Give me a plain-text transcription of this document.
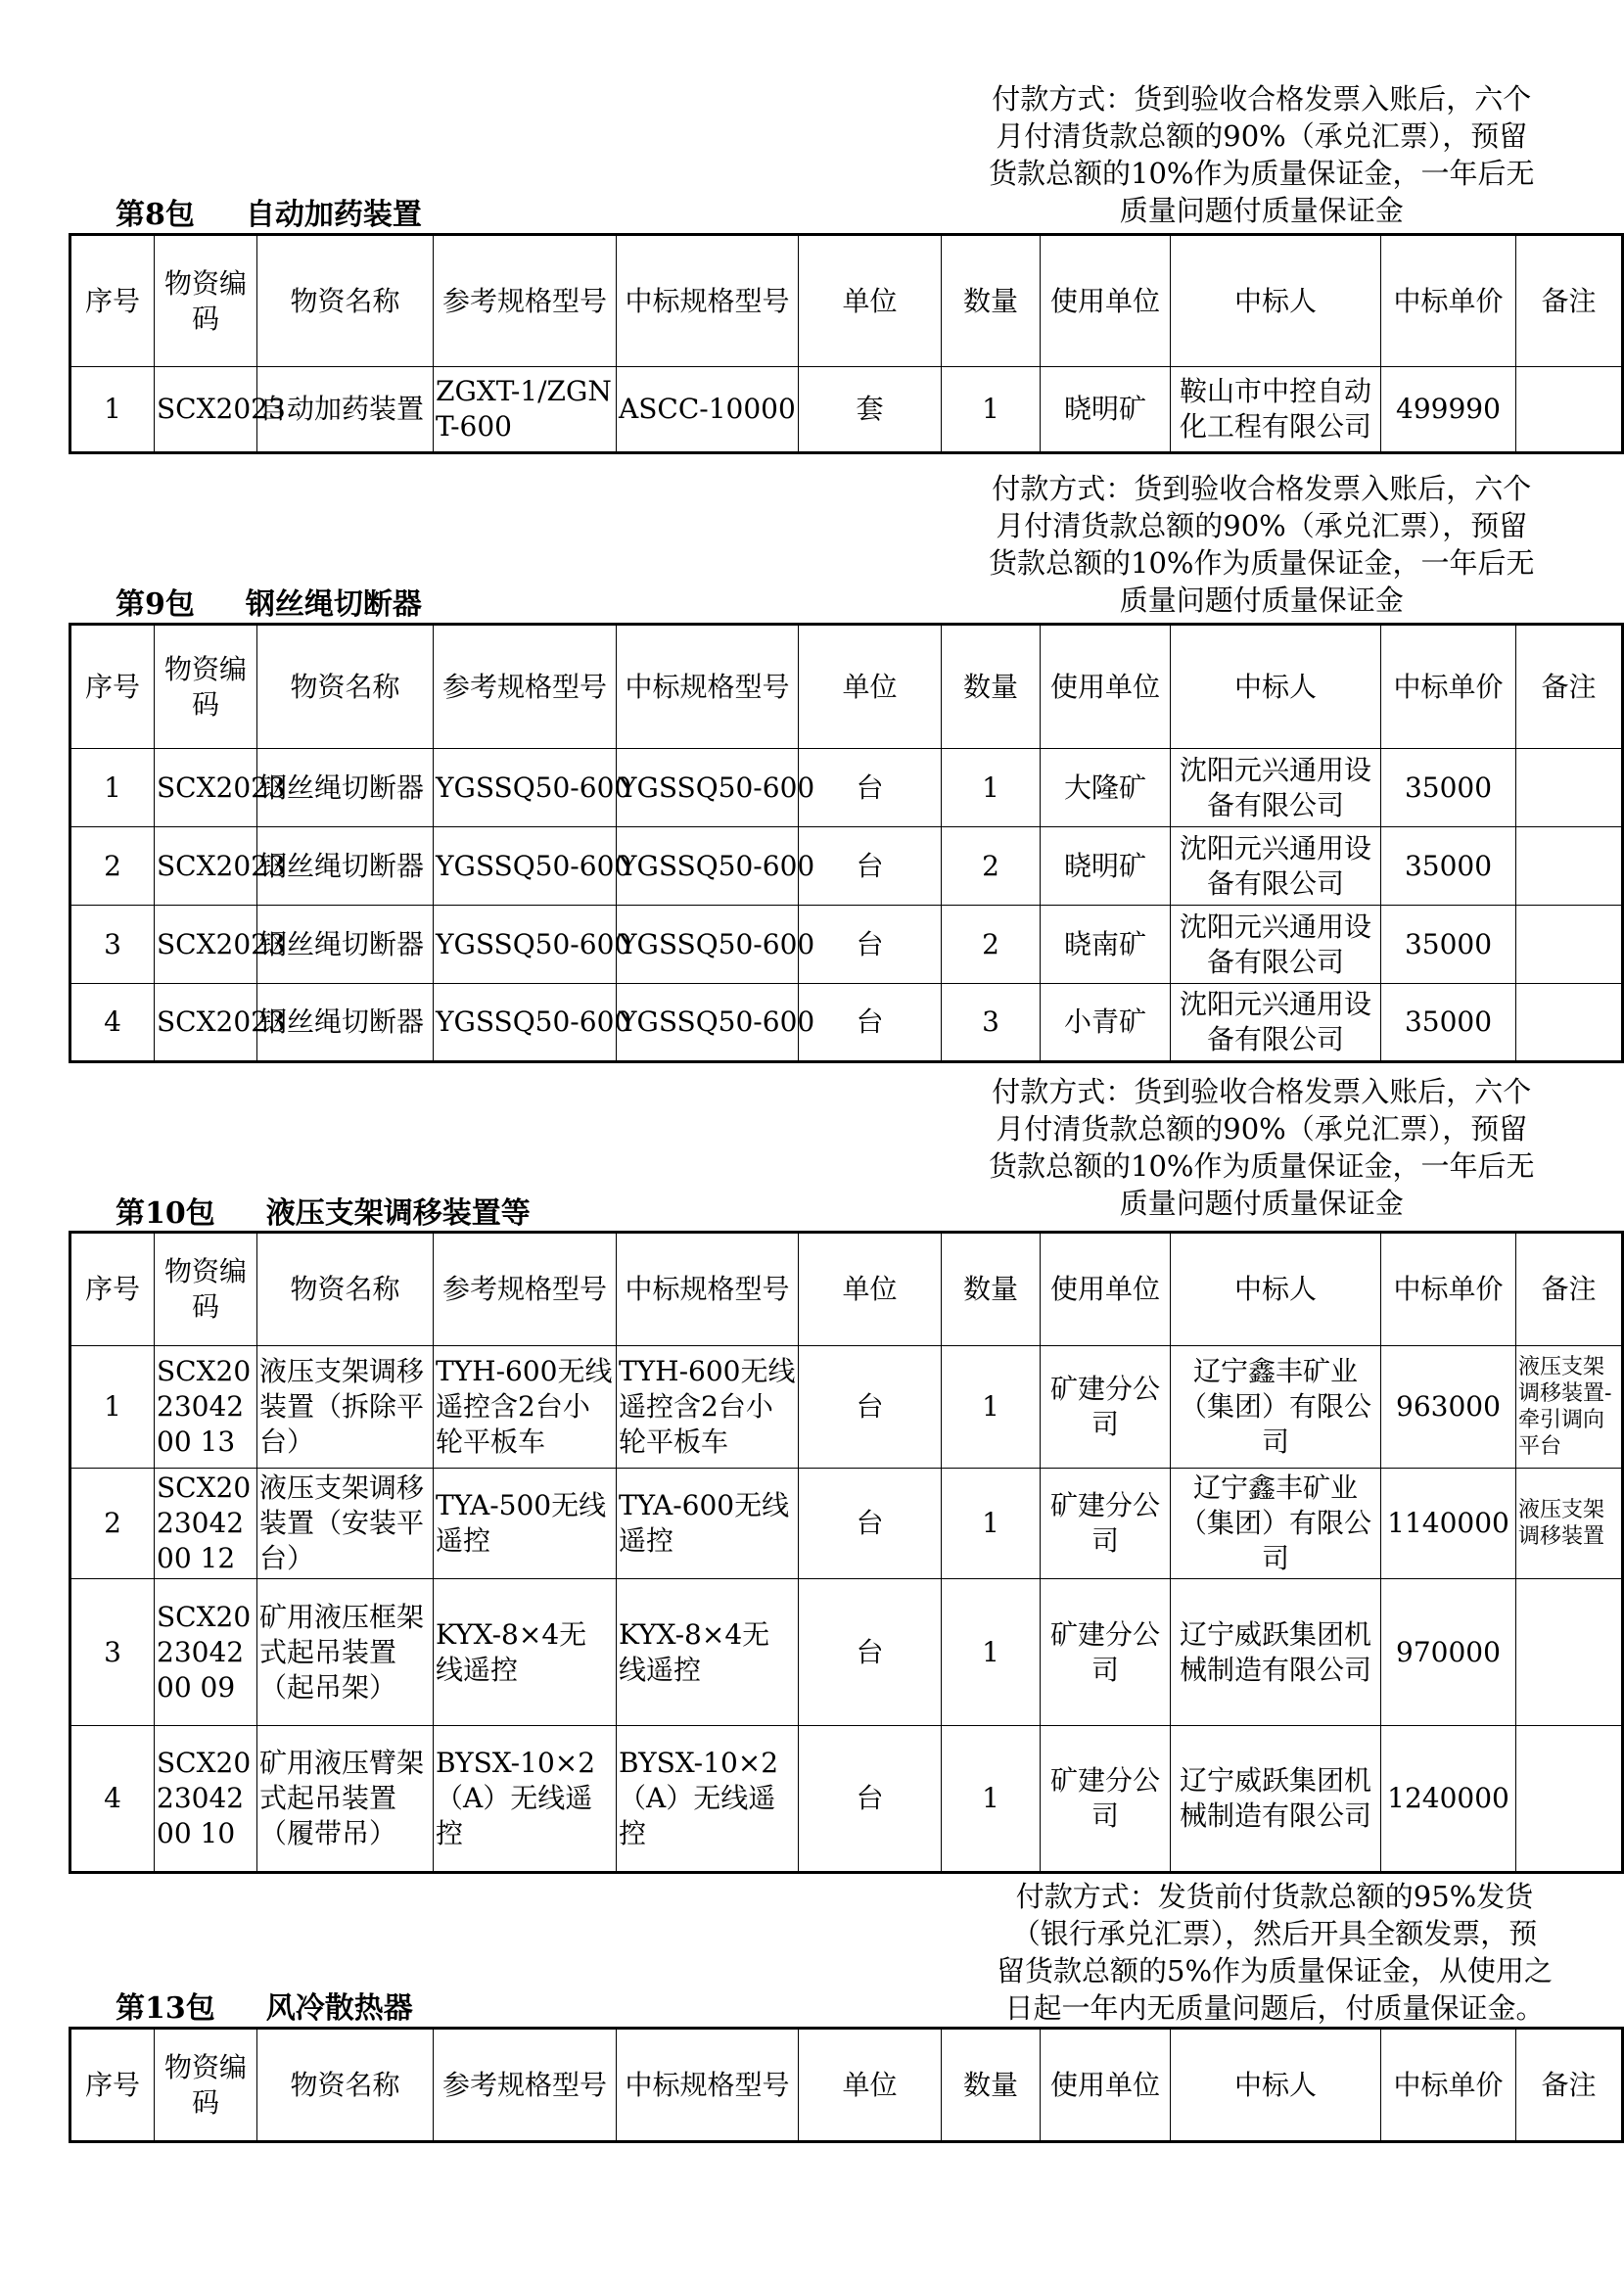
付款方式：货到验收合格发票入账后，六个
月付清货款总额的90%（承兑汇票），预留
货款总额的10%作为质量保证金，一年后无
质量问题付质量保证金
第8包 自动加药装置
序号	物资编码	物资名称	参考规格型号	中标规格型号	单位	数量	使用单位	中标人	中标单价	备注
1	SCX2023	自动加药装置	ZGXT-1/ZGNT-600	ASCC-10000	套	1	晓明矿	鞍山市中控自动化工程有限公司	499990	
付款方式：货到验收合格发票入账后，六个
月付清货款总额的90%（承兑汇票），预留
货款总额的10%作为质量保证金，一年后无
质量问题付质量保证金
第9包 钢丝绳切断器
序号	物资编码	物资名称	参考规格型号	中标规格型号	单位	数量	使用单位	中标人	中标单价	备注
1	SCX2023	钢丝绳切断器	YGSSQ50-600	YGSSQ50-600	台	1	大隆矿	沈阳元兴通用设备有限公司	35000	
2	SCX2023	钢丝绳切断器	YGSSQ50-600	YGSSQ50-600	台	2	晓明矿	沈阳元兴通用设备有限公司	35000	
3	SCX2023	钢丝绳切断器	YGSSQ50-600	YGSSQ50-600	台	2	晓南矿	沈阳元兴通用设备有限公司	35000	
4	SCX2023	钢丝绳切断器	YGSSQ50-600	YGSSQ50-600	台	3	小青矿	沈阳元兴通用设备有限公司	35000	
付款方式：货到验收合格发票入账后，六个
月付清货款总额的90%（承兑汇票），预留
货款总额的10%作为质量保证金，一年后无
质量问题付质量保证金
第10包 液压支架调移装置等
序号	物资编码	物资名称	参考规格型号	中标规格型号	单位	数量	使用单位	中标人	中标单价	备注
1	SCX202304200 13	液压支架调移装置（拆除平台）	TYH-600无线遥控含2台小轮平板车	TYH-600无线遥控含2台小轮平板车	台	1	矿建分公司	辽宁鑫丰矿业（集团）有限公司	963000	液压支架调移装置-牵引调向平台
2	SCX202304200 12	液压支架调移装置（安装平台）	TYA-500无线遥控	TYA-600无线遥控	台	1	矿建分公司	辽宁鑫丰矿业（集团）有限公司	1140000	液压支架调移装置
3	SCX202304200 09	矿用液压框架式起吊装置（起吊架）	KYX-8×4无线遥控	KYX-8×4无线遥控	台	1	矿建分公司	辽宁威跃集团机械制造有限公司	970000	
4	SCX202304200 10	矿用液压臂架式起吊装置（履带吊）	BYSX-10×2（A）无线遥控	BYSX-10×2（A）无线遥控	台	1	矿建分公司	辽宁威跃集团机械制造有限公司	1240000	
付款方式：发货前付货款总额的95%发货
（银行承兑汇票），然后开具全额发票，预
留货款总额的5%作为质量保证金，从使用之
日起一年内无质量问题后，付质量保证金。
第13包 风冷散热器
序号	物资编码	物资名称	参考规格型号	中标规格型号	单位	数量	使用单位	中标人	中标单价	备注
